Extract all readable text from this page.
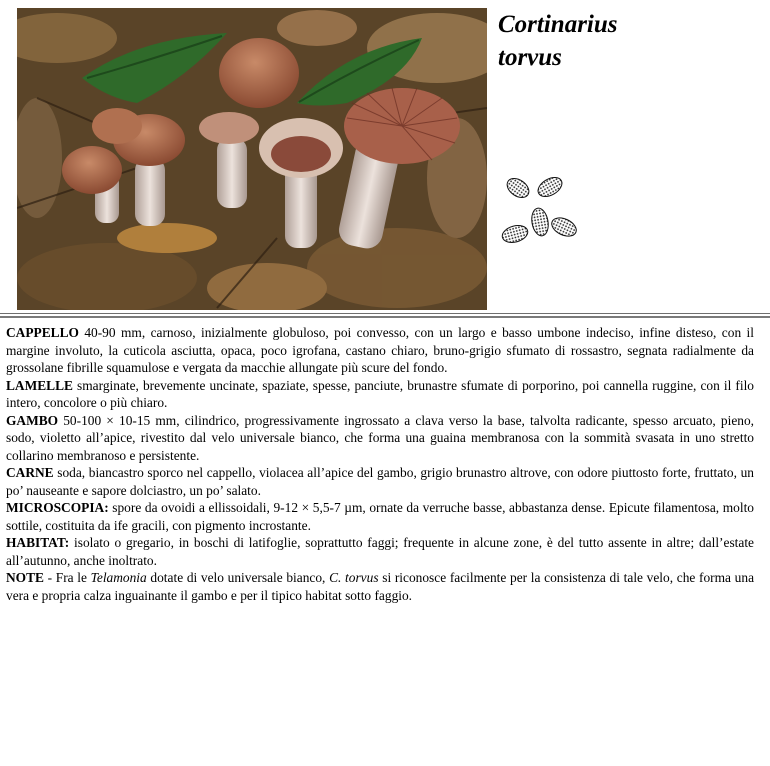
Cortinarius
torvus

CAPPELLO 40-90 mm, carnoso, inizialmente globuloso, poi convesso, con un largo e basso umbone indeciso, infine disteso, con il margine involuto, la cuticola asciutta, opaca, poco igrofana, castano chiaro, bruno-grigio sfumato di rossastro, segnata radialmente da grossolane fibrille squamulose e vergata da macchie allungate più scure del fondo.

LAMELLE smarginate, brevemente uncinate, spaziate, spesse, panciute, brunastre sfumate di porporino, poi cannella ruggine, con il filo intero, concolore o più chiaro.

GAMBO 50-100 × 10-15 mm, cilindrico, progressivamente ingrossato a clava verso la base, talvolta radicante, spesso arcuato, pieno, sodo, violetto all’apice, rivestito dal velo universale bianco, che forma una guaina membranosa con la sommità svasata in uno stretto collarino membranoso e persistente.

CARNE soda, biancastro sporco nel cappello, violacea all’apice del gambo, grigio brunastro altrove, con odore piuttosto forte, fruttato, un po’ nauseante e sapore dolciastro, un po’ salato.

MICROSCOPIA: spore da ovoidi a ellissoidali, 9-12 × 5,5-7 µm, ornate da verruche basse, abbastanza dense. Epicute filamentosa, molto sottile, costituita da ife gracili, con pigmento incrostante.

HABITAT: isolato o gregario, in boschi di latifoglie, soprattutto faggi; frequente in alcune zone, è del tutto assente in altre; dall’estate all’autunno, anche inoltrato.

NOTE - Fra le Telamonia dotate di velo universale bianco, C. torvus si riconosce facilmente per la consistenza di tale velo, che forma una vera e propria calza inguainante il gambo e per il tipico habitat sotto faggio.
